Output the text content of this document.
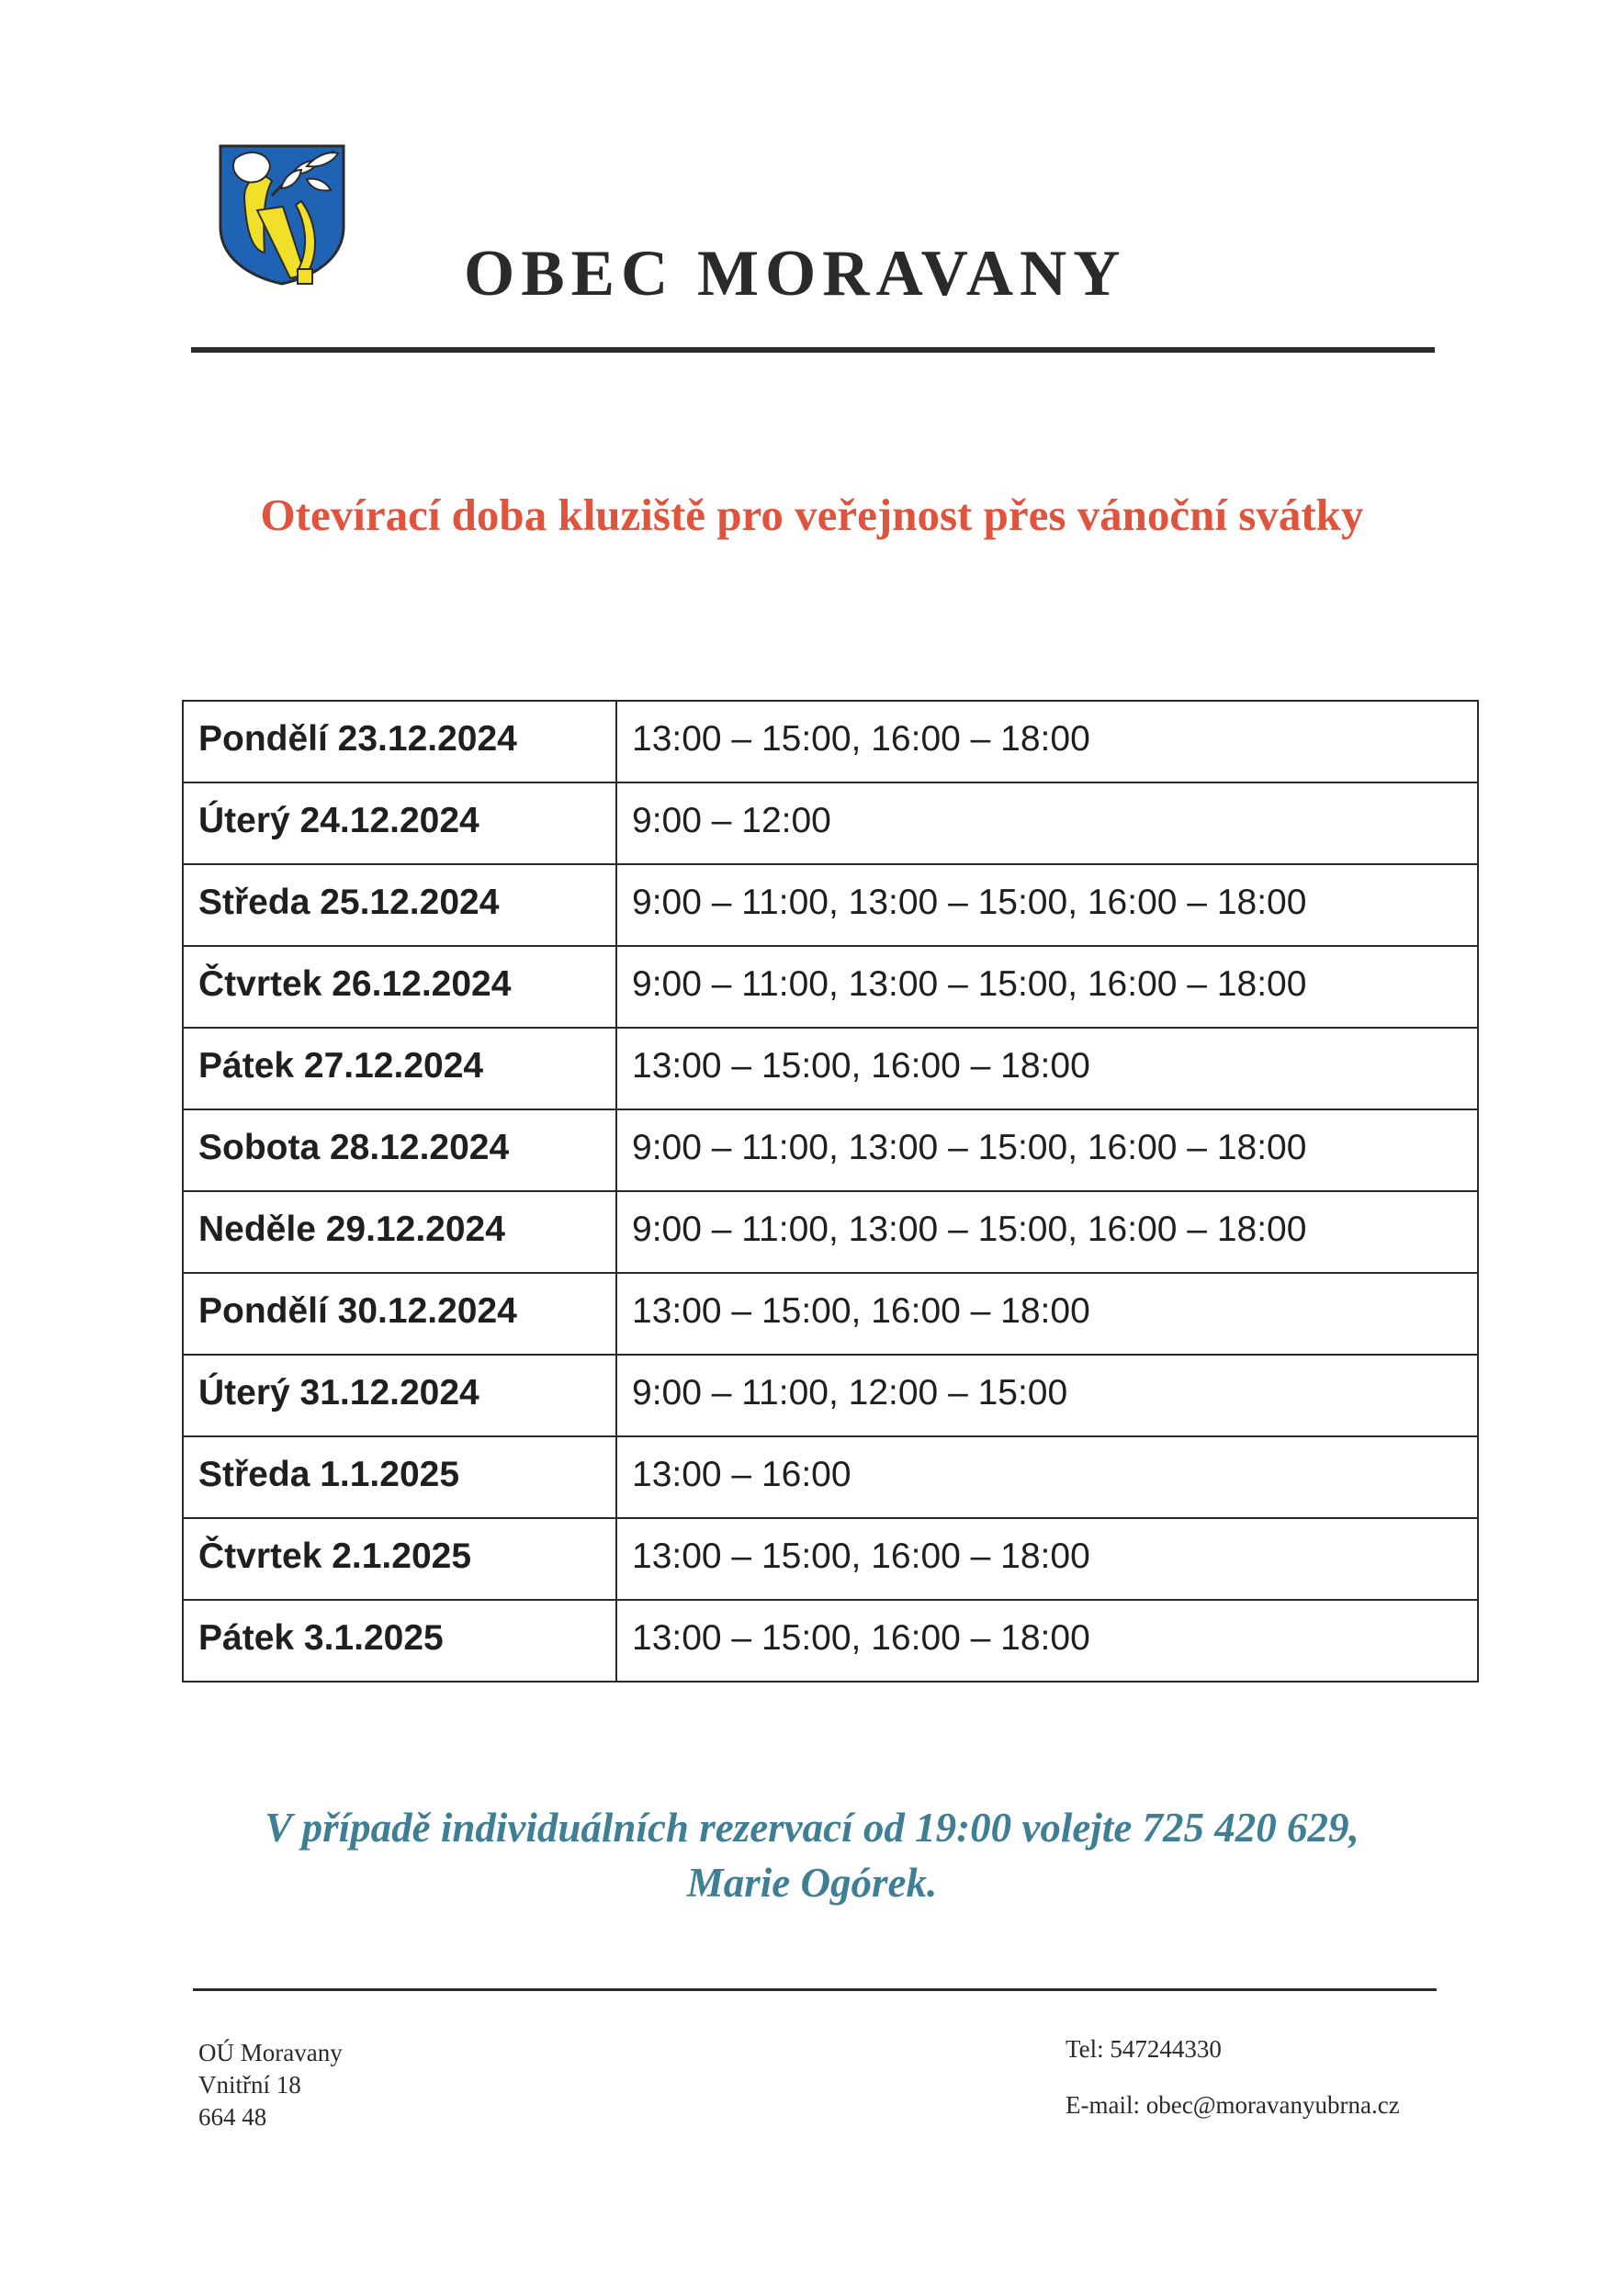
OBEC MORAVANY
Otevírací doba kluziště pro veřejnost přes vánoční svátky
Pondělí 23.12.2024	13:00 – 15:00, 16:00 – 18:00
Úterý 24.12.2024	9:00 – 12:00
Středa 25.12.2024	9:00 – 11:00, 13:00 – 15:00, 16:00 – 18:00
Čtvrtek 26.12.2024	9:00 – 11:00, 13:00 – 15:00, 16:00 – 18:00
Pátek 27.12.2024	13:00 – 15:00, 16:00 – 18:00
Sobota 28.12.2024	9:00 – 11:00, 13:00 – 15:00, 16:00 – 18:00
Neděle 29.12.2024	9:00 – 11:00, 13:00 – 15:00, 16:00 – 18:00
Pondělí 30.12.2024	13:00 – 15:00, 16:00 – 18:00
Úterý 31.12.2024	9:00 – 11:00, 12:00 – 15:00
Středa 1.1.2025	13:00 – 16:00
Čtvrtek 2.1.2025	13:00 – 15:00, 16:00 – 18:00
Pátek 3.1.2025	13:00 – 15:00, 16:00 – 18:00
V případě individuálních rezervací od 19:00 volejte 725 420 629,
Marie Ogórek.
OÚ Moravany
Vnitřní 18
664 48
Tel: 547244330
E-mail: obec@moravanyubrna.cz
